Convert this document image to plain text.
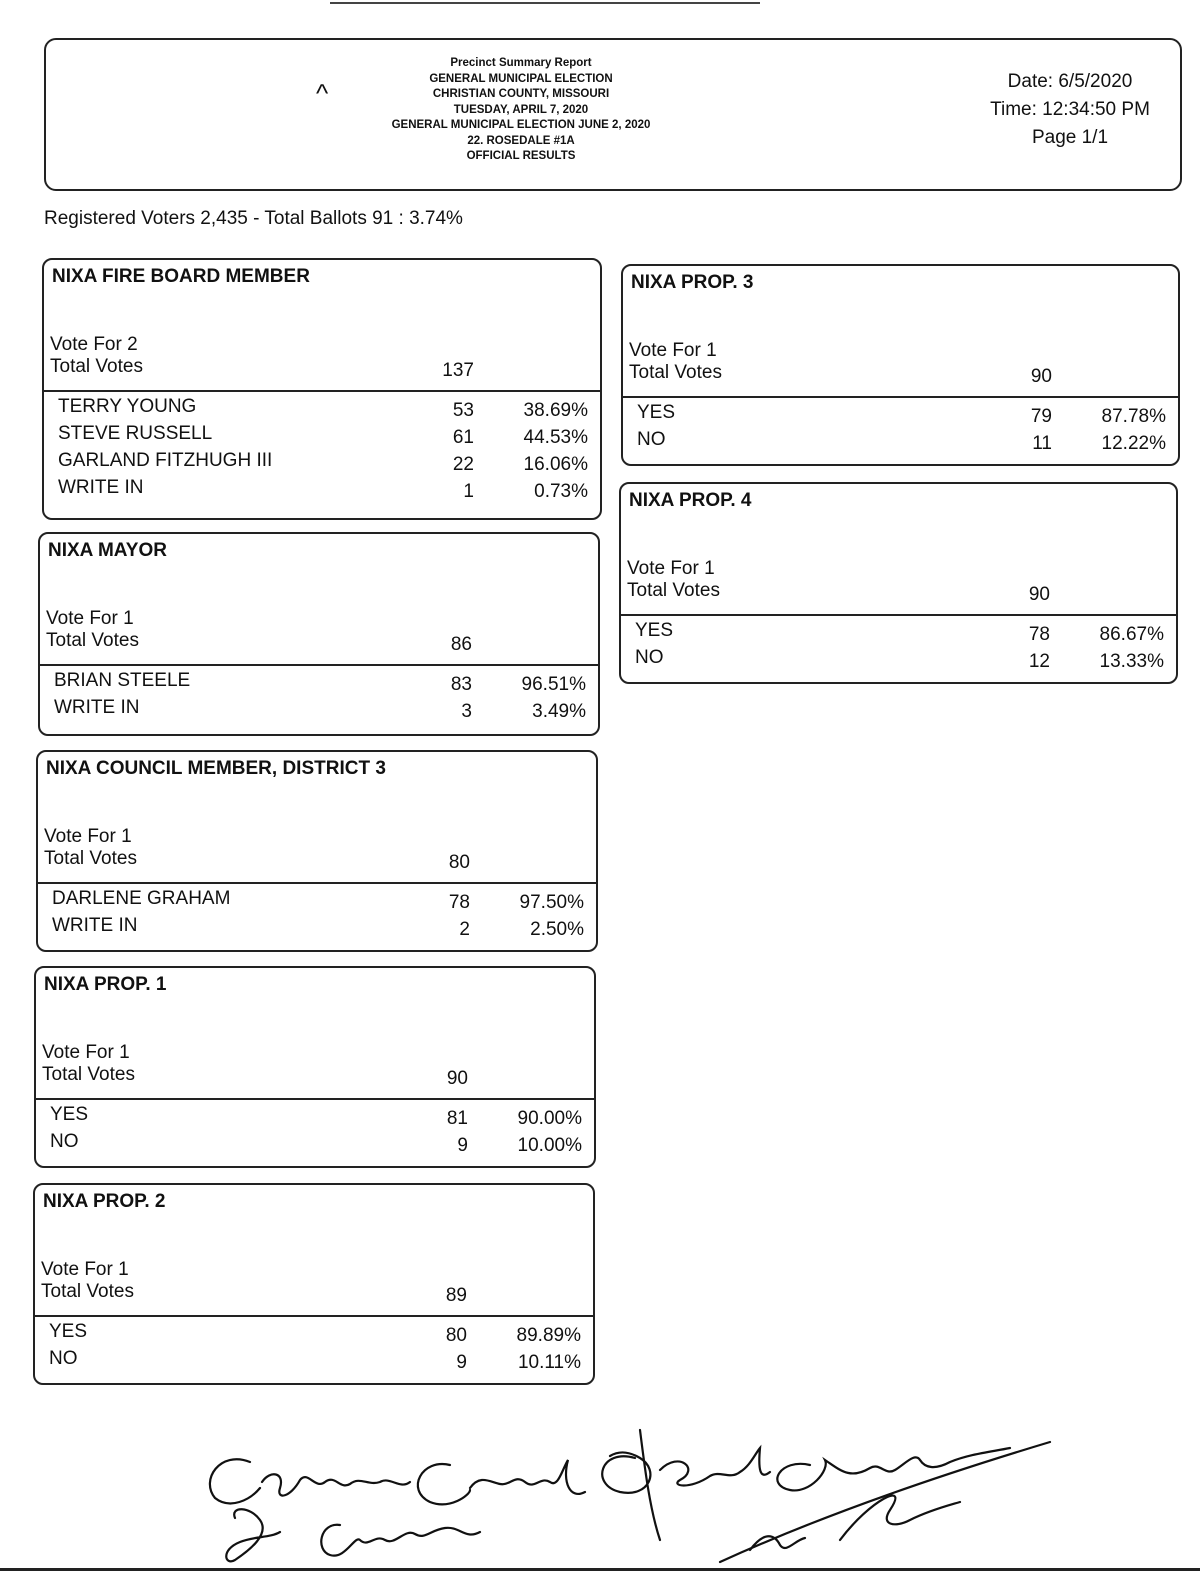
^
Precinct Summary Report
GENERAL MUNICIPAL ELECTION
CHRISTIAN COUNTY, MISSOURI
TUESDAY, APRIL 7, 2020
GENERAL MUNICIPAL ELECTION JUNE 2, 2020
22. ROSEDALE #1A
OFFICIAL RESULTS
Date: 6/5/2020
Time: 12:34:50 PM
Page 1/1
Registered Voters 2,435 - Total Ballots 91 : 3.74%
NIXA FIRE BOARD MEMBER
Vote For 2
Total Votes	137
TERRY YOUNG	53	38.69%
STEVE RUSSELL	61	44.53%
GARLAND FITZHUGH III	22	16.06%
WRITE IN	1	0.73%
NIXA MAYOR
Vote For 1
Total Votes	86
BRIAN STEELE	83	96.51%
WRITE IN	3	3.49%
NIXA COUNCIL MEMBER, DISTRICT 3
Vote For 1
Total Votes	80
DARLENE GRAHAM	78	97.50%
WRITE IN	2	2.50%
NIXA PROP. 1
Vote For 1
Total Votes	90
YES	81	90.00%
NO	9	10.00%
NIXA PROP. 2
Vote For 1
Total Votes	89
YES	80	89.89%
NO	9	10.11%
NIXA PROP. 3
Vote For 1
Total Votes	90
YES	79	87.78%
NO	11	12.22%
NIXA PROP. 4
Vote For 1
Total Votes	90
YES	78	86.67%
NO	12	13.33%
